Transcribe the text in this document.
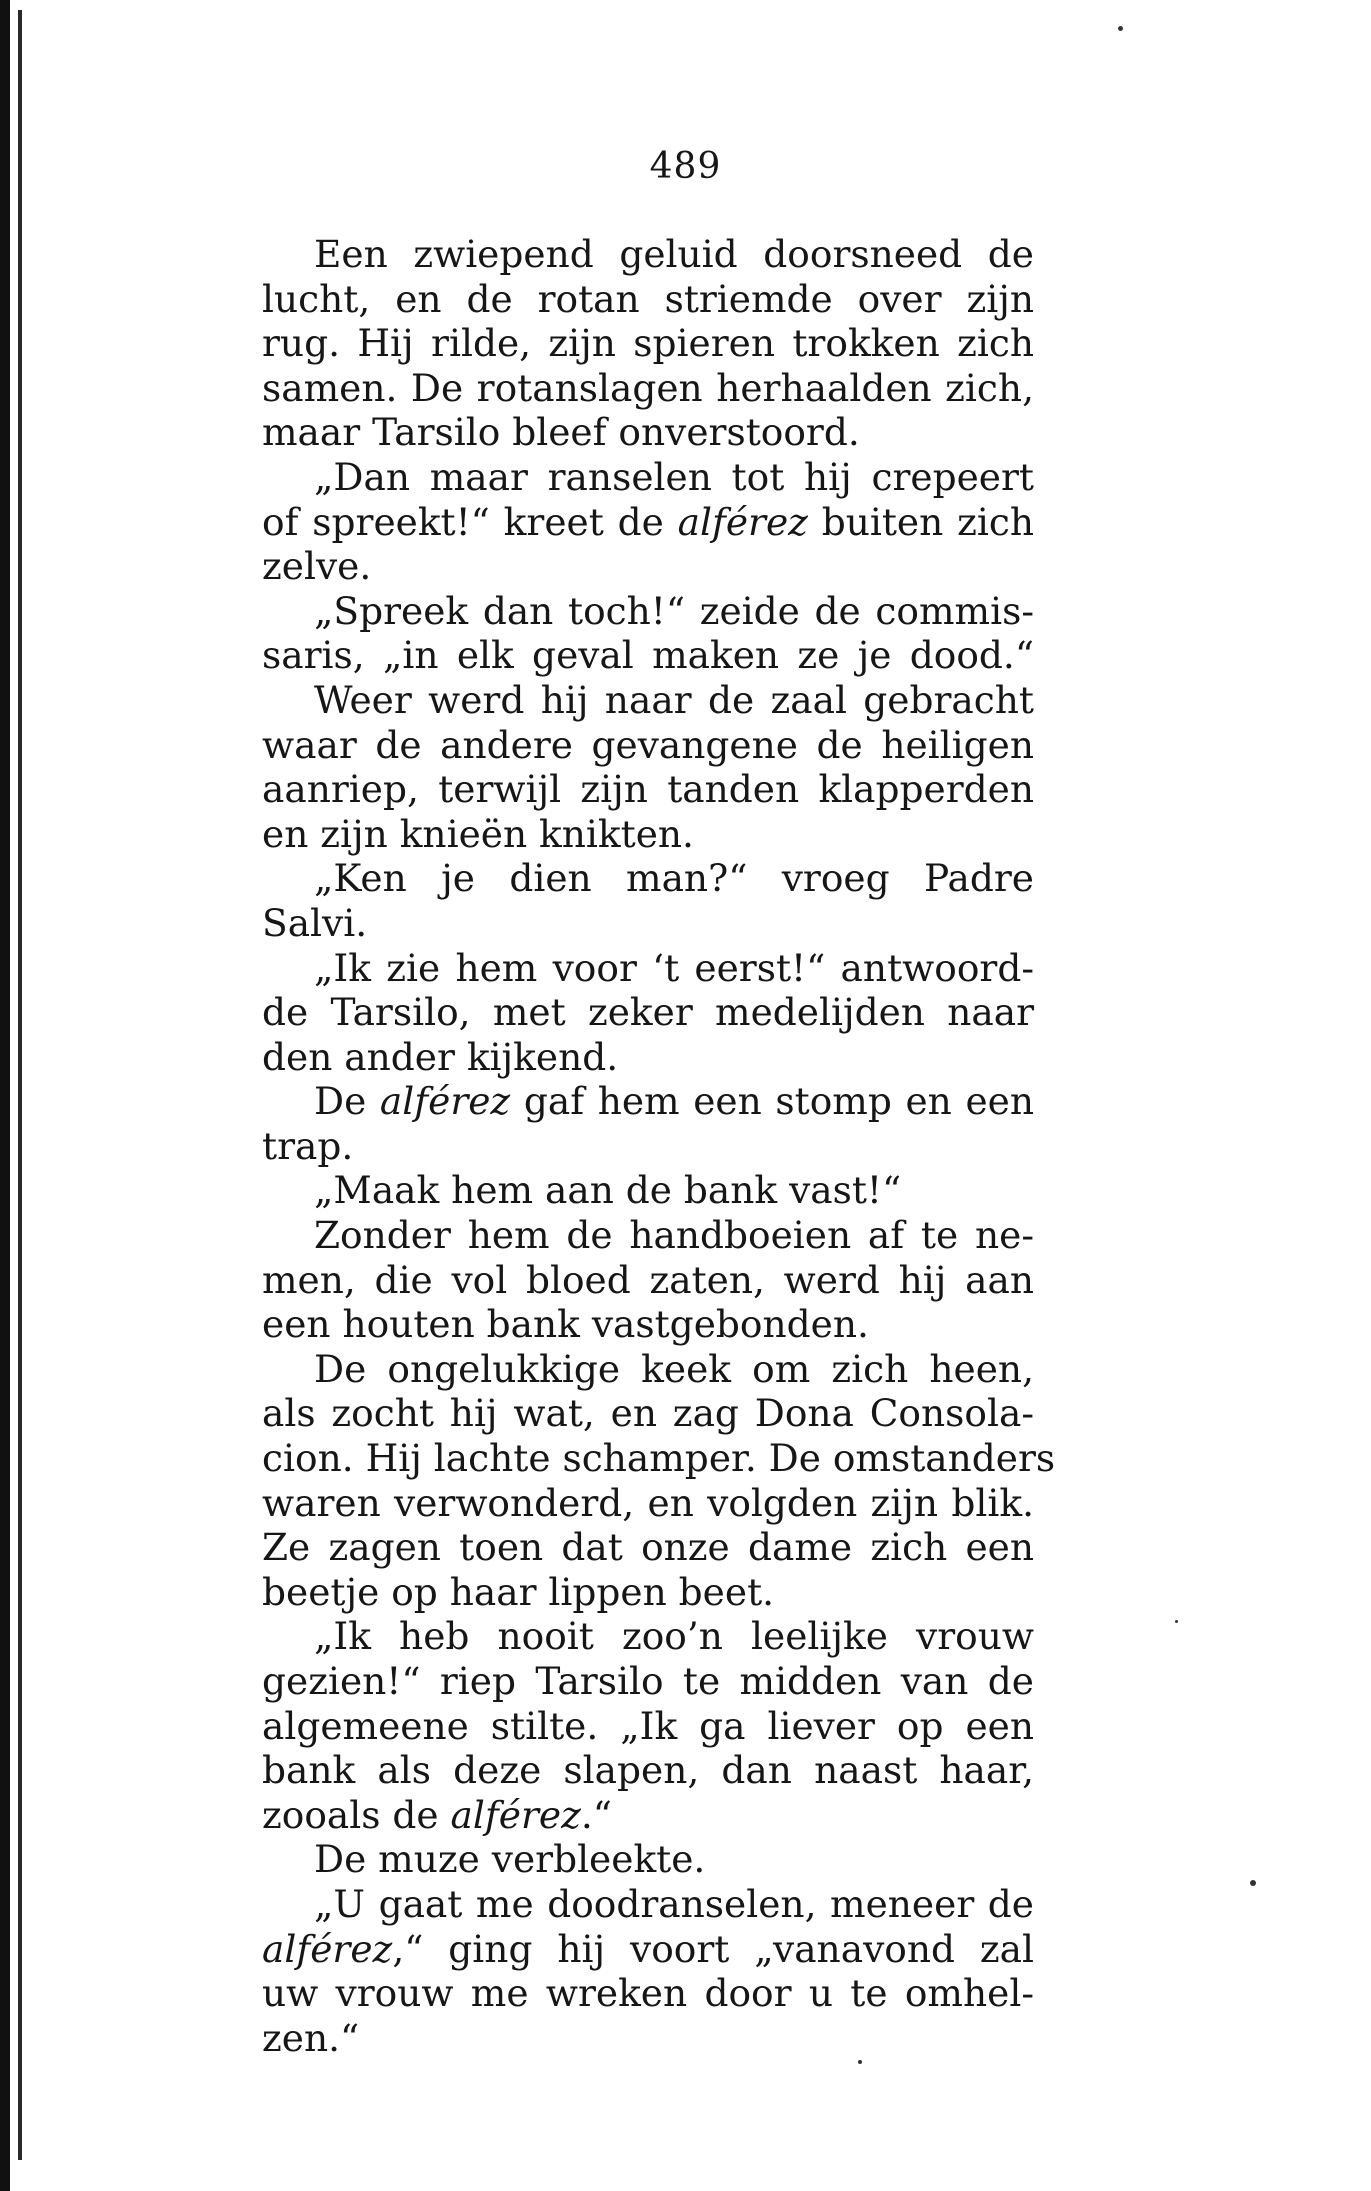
489
Een zwiepend geluid doorsneed de
lucht, en de rotan striemde over zijn
rug. Hij rilde, zijn spieren trokken zich
samen. De rotanslagen herhaalden zich,
maar Tarsilo bleef onverstoord.
„Dan maar ranselen tot hij crepeert
of spreekt!“ kreet de alférez buiten zich
zelve.
„Spreek dan toch!“ zeide de commis-
saris, „in elk geval maken ze je dood.“
Weer werd hij naar de zaal gebracht
waar de andere gevangene de heiligen
aanriep, terwijl zijn tanden klapperden
en zijn knieën knikten.
„Ken je dien man?“ vroeg Padre
Salvi.
„Ik zie hem voor ‘t eerst!“ antwoord-
de Tarsilo, met zeker medelijden naar
den ander kijkend.
De alférez gaf hem een stomp en een
trap.
„Maak hem aan de bank vast!“
Zonder hem de handboeien af te ne-
men, die vol bloed zaten, werd hij aan
een houten bank vastgebonden.
De ongelukkige keek om zich heen,
als zocht hij wat, en zag Dona Consola-
cion. Hij lachte schamper. De omstanders
waren verwonderd, en volgden zijn blik.
Ze zagen toen dat onze dame zich een
beetje op haar lippen beet.
„Ik heb nooit zoo’n leelijke vrouw
gezien!“ riep Tarsilo te midden van de
algemeene stilte. „Ik ga liever op een
bank als deze slapen, dan naast haar,
zooals de alférez.“
De muze verbleekte.
„U gaat me doodranselen, meneer de
alférez,“ ging hij voort „vanavond zal
uw vrouw me wreken door u te omhel-
zen.“
